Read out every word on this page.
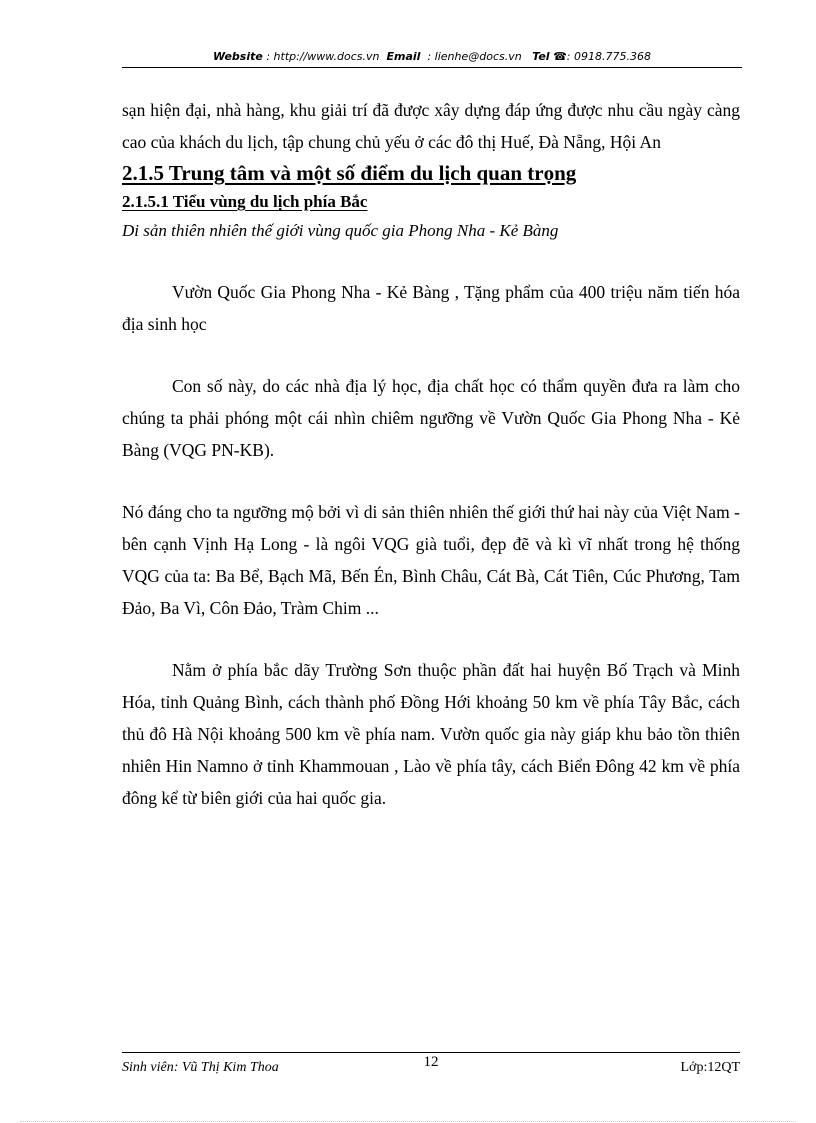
Website : http://www.docs.vn Email : lienhe@docs.vn Tel ☎: 0918.775.368

sạn hiện đại, nhà hàng, khu giải trí đã được xây dựng đáp ứng được nhu cầu ngày càng cao của khách du lịch, tập chung chủ yếu ở các đô thị Huế, Đà Nẵng, Hội An

2.1.5 Trung tâm và một số điểm du lịch quan trọng

2.1.5.1 Tiểu vùng du lịch phía Bắc

Di sản thiên nhiên thế giới vùng quốc gia Phong Nha - Kẻ Bàng

Vườn Quốc Gia Phong Nha - Kẻ Bàng , Tặng phẩm của 400 triệu năm tiến hóa địa sinh học

Con số này, do các nhà địa lý học, địa chất học có thẩm quyền đưa ra làm cho chúng ta phải phóng một cái nhìn chiêm ngưỡng về Vườn Quốc Gia Phong Nha - Kẻ Bàng (VQG PN-KB).

Nó đáng cho ta ngưỡng mộ bởi vì di sản thiên nhiên thế giới thứ hai này của Việt Nam - bên cạnh Vịnh Hạ Long - là ngôi VQG già tuổi, đẹp đẽ và kì vĩ nhất trong hệ thống VQG của ta: Ba Bể, Bạch Mã, Bến Én, Bình Châu, Cát Bà, Cát Tiên, Cúc Phương, Tam Đảo, Ba Vì, Côn Đảo, Tràm Chim ...

Nằm ở phía bắc dãy Trường Sơn thuộc phần đất hai huyện Bố Trạch và Minh Hóa, tỉnh Quảng Bình, cách thành phố Đồng Hới khoảng 50 km về phía Tây Bắc, cách thủ đô Hà Nội khoảng 500 km về phía nam. Vườn quốc gia này giáp khu bảo tồn thiên nhiên Hin Namno ở tỉnh Khammouan , Lào về phía tây, cách Biển Đông 42 km về phía đông kể từ biên giới của hai quốc gia.

Sinh viên: Vũ Thị Kim Thoa	12	Lớp:12QT
